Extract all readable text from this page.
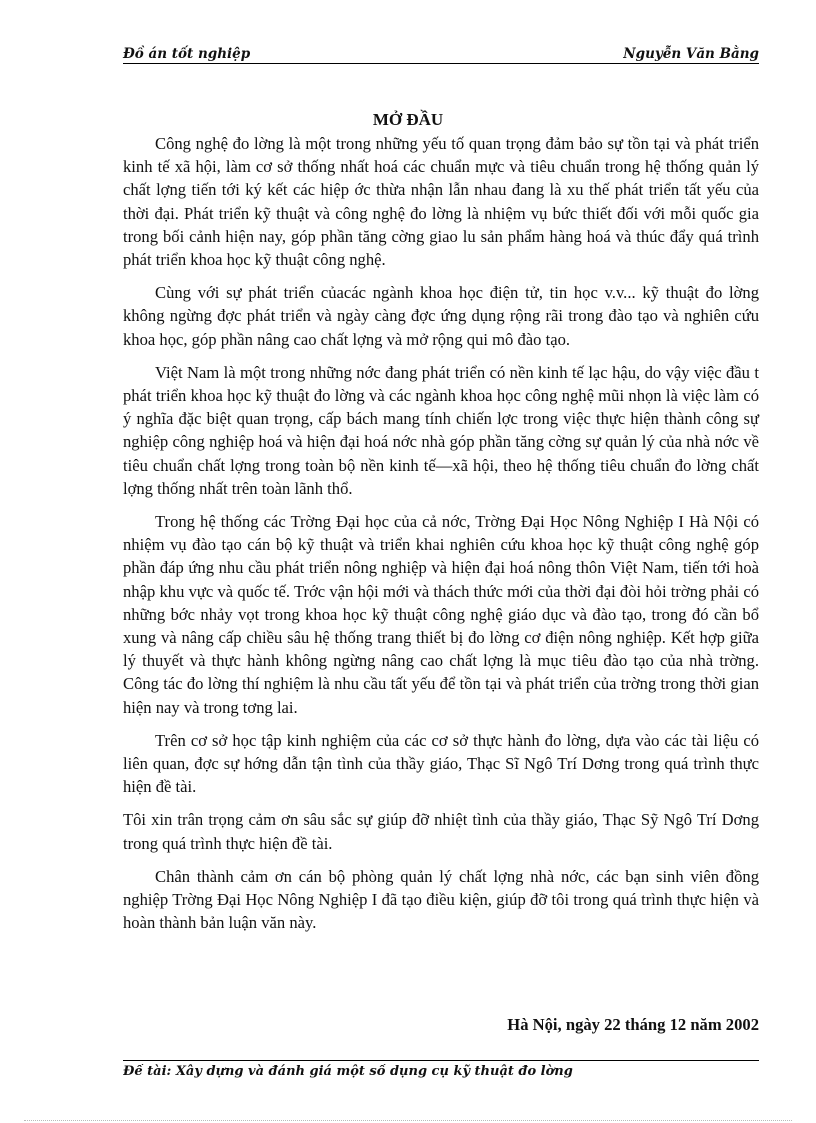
Đồ án tốt nghiệp	Nguyễn Văn Bằng
MỞ ĐẦU

Công nghệ đo lờng là một trong những yếu tố quan trọng đảm bảo sự tồn tại và phát triển kinh tế xã hội, làm cơ sở thống nhất hoá các chuẩn mực và tiêu chuẩn trong hệ thống quản lý chất lợng tiến tới ký kết các hiệp ớc thừa nhận lẫn nhau đang là xu thế phát triển tất yếu của thời đại. Phát triển kỹ thuật và công nghệ đo lờng là nhiệm vụ bức thiết đối với mỗi quốc gia trong bối cảnh hiện nay, góp phần tăng cờng giao lu sản phẩm hàng hoá và thúc đẩy quá trình phát triển khoa học kỹ thuật công nghệ.

Cùng với sự phát triển củacác ngành khoa học điện tử, tin học v.v... kỹ thuật đo lờng không ngừng đợc phát triển và ngày càng đợc ứng dụng rộng rãi trong đào tạo và nghiên cứu khoa học, góp phần nâng cao chất lợng và mở rộng qui mô đào tạo.

Việt Nam là một trong những nớc đang phát triển có nền kinh tế lạc hậu, do vậy việc đầu t phát triển khoa học kỹ thuật đo lờng và các ngành khoa học công nghệ mũi nhọn là việc làm có ý nghĩa đặc biệt quan trọng, cấp bách mang tính chiến lợc trong việc thực hiện thành công sự nghiệp công nghiệp hoá và hiện đại hoá nớc nhà góp phần tăng cờng sự quản lý của nhà nớc về tiêu chuẩn chất lợng trong toàn bộ nền kinh tế—xã hội, theo hệ thống tiêu chuẩn đo lờng chất lợng thống nhất trên toàn lãnh thổ.

Trong hệ thống các Trờng Đại học của cả nớc, Trờng Đại Học Nông Nghiệp I Hà Nội có nhiệm vụ đào tạo cán bộ kỹ thuật và triển khai nghiên cứu khoa học kỹ thuật công nghệ góp phần đáp ứng nhu cầu phát triển nông nghiệp và hiện đại hoá nông thôn Việt Nam, tiến tới hoà nhập khu vực và quốc tế. Trớc vận hội mới và thách thức mới của thời đại đòi hỏi trờng phải có những bớc nhảy vọt trong khoa học kỹ thuật công nghệ giáo dục và đào tạo, trong đó cần bổ xung và nâng cấp chiều sâu hệ thống trang thiết bị đo lờng cơ điện nông nghiệp. Kết hợp giữa lý thuyết và thực hành không ngừng nâng cao chất lợng là mục tiêu đào tạo của nhà trờng. Công tác đo lờng thí nghiệm là nhu cầu tất yếu để tồn tại và phát triển của trờng trong thời gian hiện nay và trong tơng lai.

Trên cơ sở học tập kinh nghiệm của các cơ sở thực hành đo lờng, dựa vào các tài liệu có liên quan, đợc sự hớng dẫn tận tình của thầy giáo, Thạc Sĩ Ngô Trí Dơng trong quá trình thực hiện đề tài.

Tôi xin trân trọng cảm ơn sâu sắc sự giúp đỡ nhiệt tình của thầy giáo, Thạc Sỹ Ngô Trí Dơng trong quá trình thực hiện đề tài.

Chân thành cảm ơn cán bộ phòng quản lý chất lợng nhà nớc, các bạn sinh viên đồng nghiệp Trờng Đại Học Nông Nghiệp I đã tạo điều kiện, giúp đỡ tôi trong quá trình thực hiện và hoàn thành bản luận văn này.

Hà Nội, ngày 22 tháng 12 năm 2002
Đề tài: Xây dựng và đánh giá một số dụng cụ kỹ thuật đo lờng
